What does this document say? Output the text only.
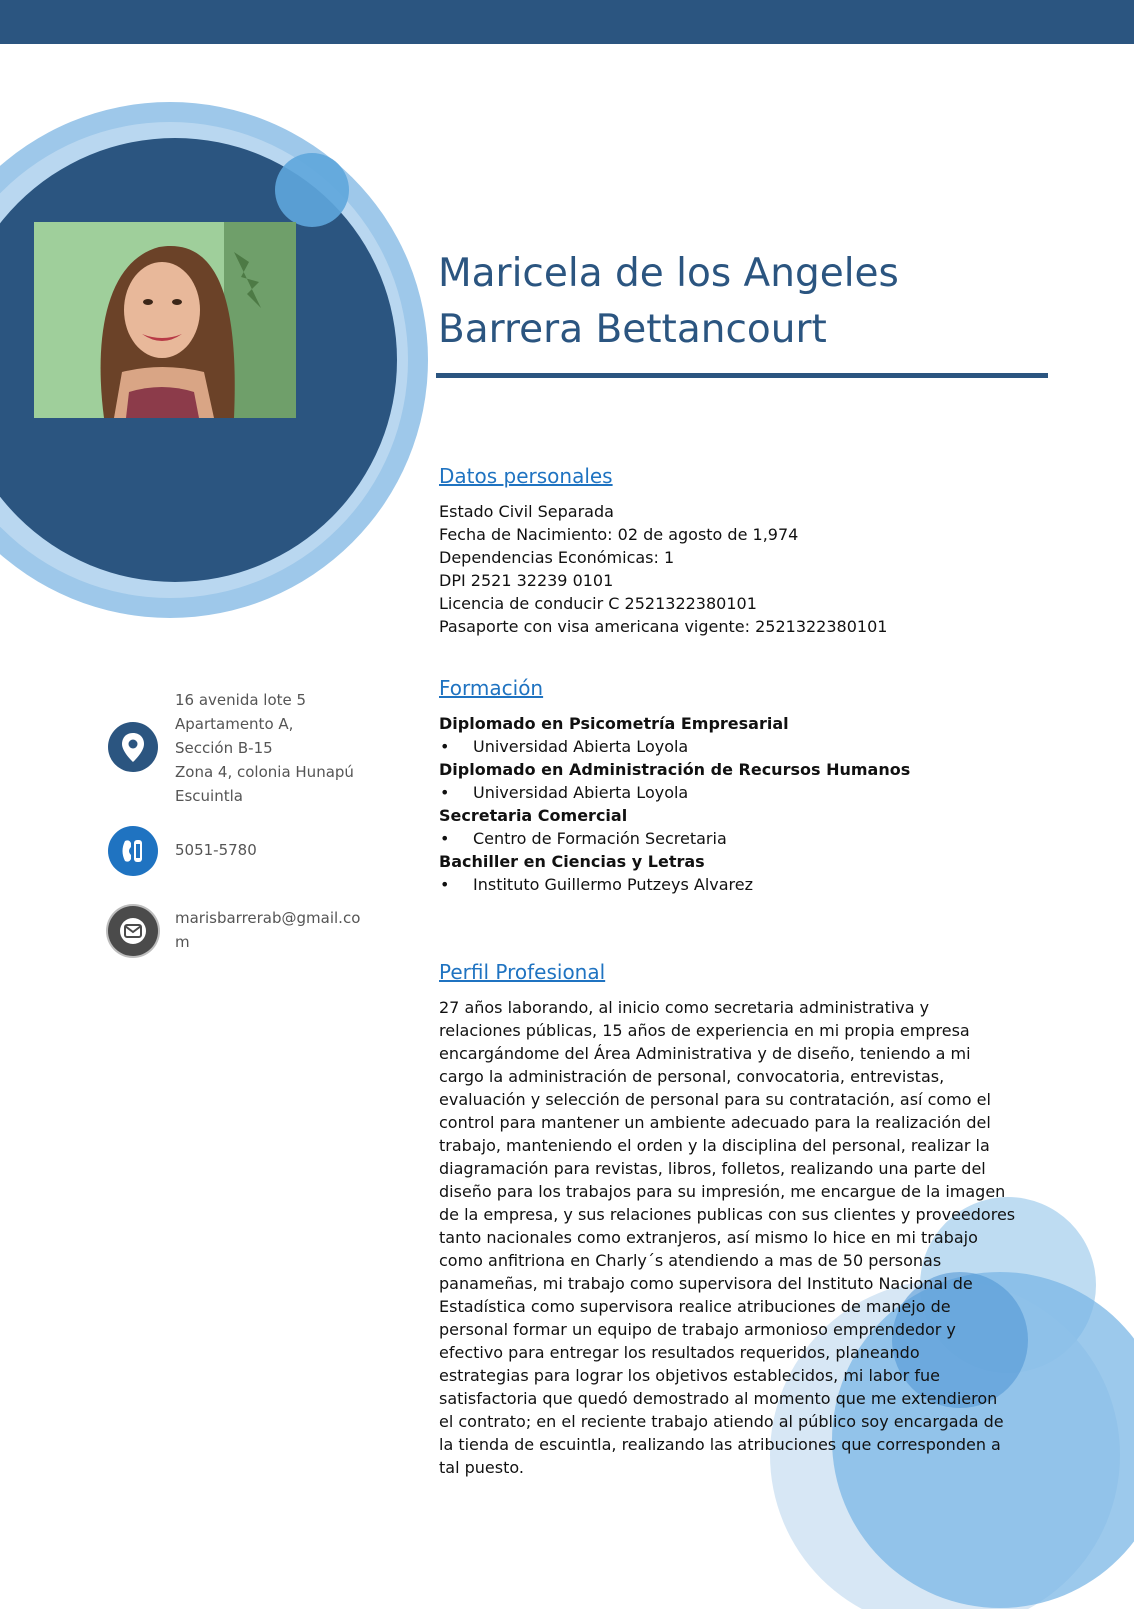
Maricela de los Angeles
Barrera Bettancourt
Datos personales
Estado Civil Separada
Fecha de Nacimiento: 02 de agosto de 1,974
Dependencias Económicas: 1
DPI 2521 32239 0101
Licencia de conducir C 2521322380101
Pasaporte con visa americana vigente: 2521322380101
Formación
Diplomado en Psicometría Empresarial
• Universidad Abierta Loyola
Diplomado en Administración de Recursos Humanos
• Universidad Abierta Loyola
Secretaria Comercial
• Centro de Formación Secretaria
Bachiller en Ciencias y Letras
• Instituto Guillermo Putzeys Alvarez
Perfil Profesional
27 años laborando, al inicio como secretaria administrativa y
relaciones públicas, 15 años de experiencia en mi propia empresa
encargándome del Área Administrativa y de diseño, teniendo a mi
cargo la administración de personal, convocatoria, entrevistas,
evaluación y selección de personal para su contratación, así como el
control para mantener un ambiente adecuado para la realización del
trabajo, manteniendo el orden y la disciplina del personal, realizar la
diagramación para revistas, libros, folletos, realizando una parte del
diseño para los trabajos para su impresión, me encargue de la imagen
de la empresa, y sus relaciones publicas con sus clientes y proveedores
tanto nacionales como extranjeros, así mismo lo hice en mi trabajo
como anfitriona en Charly´s atendiendo a mas de 50 personas
panameñas, mi trabajo como supervisora del Instituto Nacional de
Estadística como supervisora realice atribuciones de manejo de
personal formar un equipo de trabajo armonioso emprendedor y
efectivo para entregar los resultados requeridos, planeando
estrategias para lograr los objetivos establecidos, mi labor fue
satisfactoria que quedó demostrado al momento que me extendieron
el contrato; en el reciente trabajo atiendo al público soy encargada de
la tienda de escuintla, realizando las atribuciones que corresponden a
tal puesto.
16 avenida lote 5
Apartamento A,
Sección B-15
Zona 4, colonia Hunapú
Escuintla
5051-5780
marisbarrerab@gmail.co
m
